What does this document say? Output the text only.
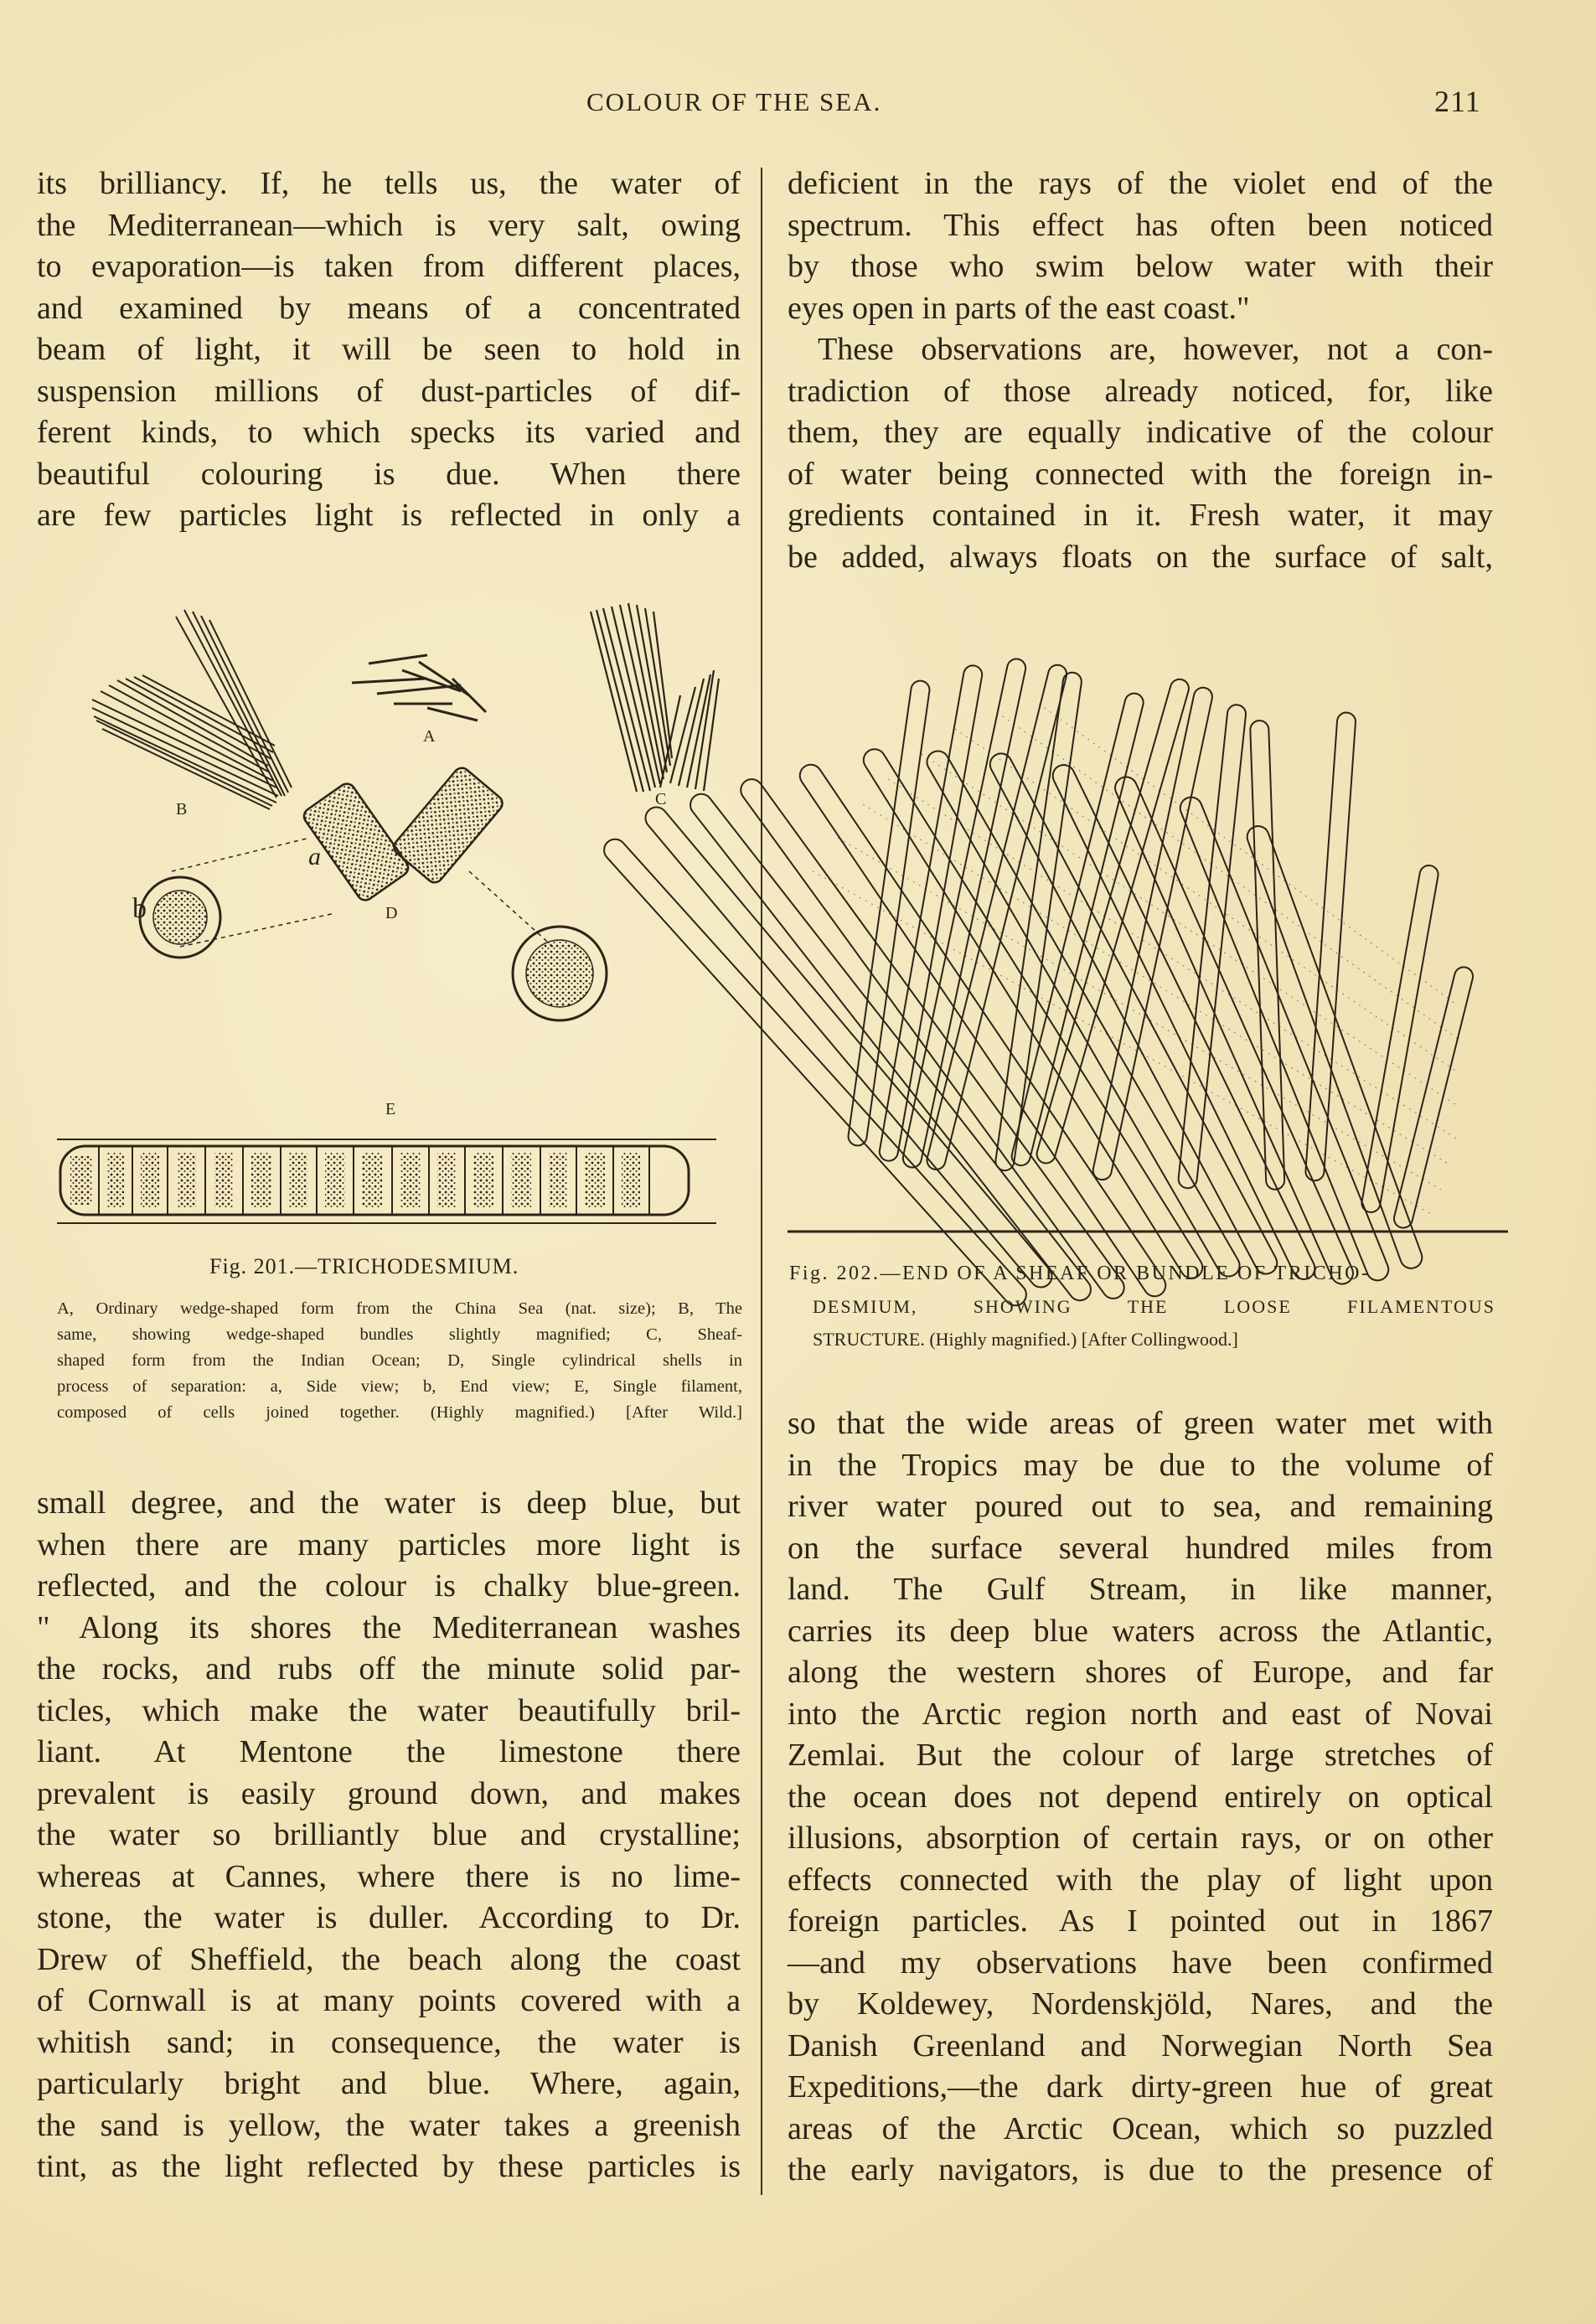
COLOUR OF THE SEA.	211
its brilliancy. If, he tells us, the water of
the Mediterranean—which is very salt, owing
to evaporation—is taken from different places,
and examined by means of a concentrated
beam of light, it will be seen to hold in
suspension millions of dust-particles of dif-
ferent kinds, to which specks its varied and
beautiful colouring is due. When there
are few particles light is reflected in only a
deficient in the rays of the violet end of the
spectrum. This effect has often been noticed
by those who swim below water with their
eyes open in parts of the east coast."
These observations are, however, not a con-
tradiction of those already noticed, for, like
them, they are equally indicative of the colour
of water being connected with the foreign in-
gredients contained in it. Fresh water, it may
be added, always floats on the surface of salt,
A
B
C
D
a
b
E
Fig. 201.—TRICHODESMIUM.
A, Ordinary wedge-shaped form from the China Sea (nat. size); B, The
same, showing wedge-shaped bundles slightly magnified; C, Sheaf-
shaped form from the Indian Ocean; D, Single cylindrical shells in
process of separation: a, Side view; b, End view; E, Single filament,
composed of cells joined together. (Highly magnified.) [After Wild.]
Fig. 202.—END OF A SHEAF OR BUNDLE OF TRICHO-
DESMIUM, SHOWING THE LOOSE FILAMENTOUS
STRUCTURE. (Highly magnified.) [After Collingwood.]
small degree, and the water is deep blue, but
when there are many particles more light is
reflected, and the colour is chalky blue-green.
" Along its shores the Mediterranean washes
the rocks, and rubs off the minute solid par-
ticles, which make the water beautifully bril-
liant. At Mentone the limestone there
prevalent is easily ground down, and makes
the water so brilliantly blue and crystalline;
whereas at Cannes, where there is no lime-
stone, the water is duller. According to Dr.
Drew of Sheffield, the beach along the coast
of Cornwall is at many points covered with a
whitish sand; in consequence, the water is
particularly bright and blue. Where, again,
the sand is yellow, the water takes a greenish
tint, as the light reflected by these particles is
so that the wide areas of green water met with
in the Tropics may be due to the volume of
river water poured out to sea, and remaining
on the surface several hundred miles from
land. The Gulf Stream, in like manner,
carries its deep blue waters across the Atlantic,
along the western shores of Europe, and far
into the Arctic region north and east of Novai
Zemlai. But the colour of large stretches of
the ocean does not depend entirely on optical
illusions, absorption of certain rays, or on other
effects connected with the play of light upon
foreign particles. As I pointed out in 1867
—and my observations have been confirmed
by Koldewey, Nordenskjöld, Nares, and the
Danish Greenland and Norwegian North Sea
Expeditions,—the dark dirty-green hue of great
areas of the Arctic Ocean, which so puzzled
the early navigators, is due to the presence of
